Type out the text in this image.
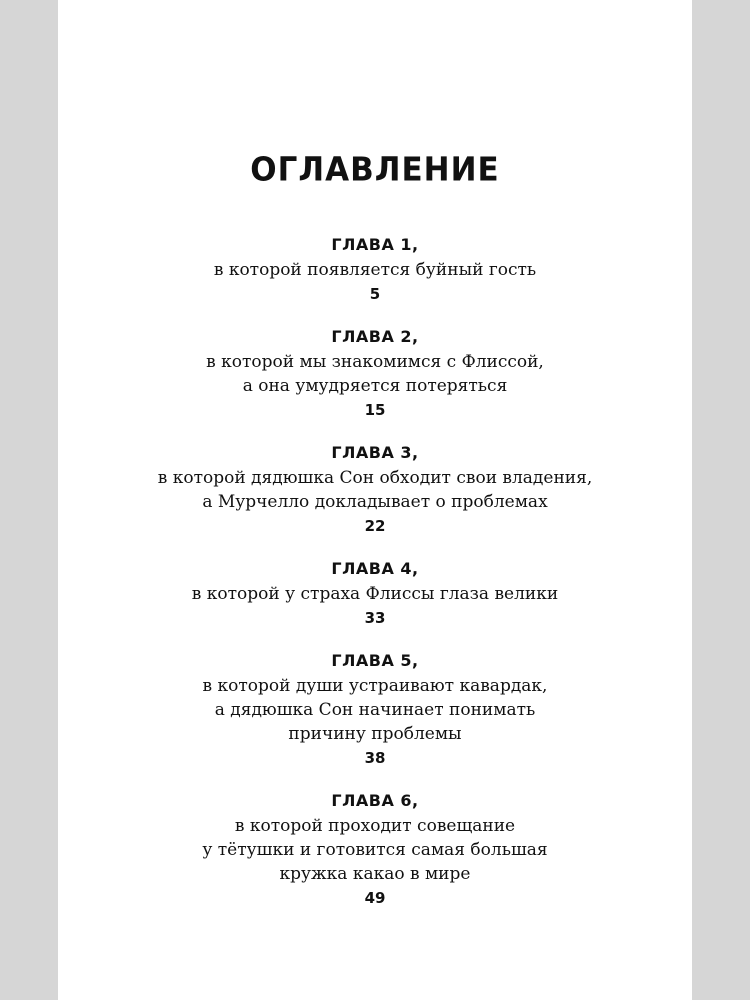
ОГЛАВЛЕНИЕ
ГЛАВА 1,
в которой появляется буйный гость
5
ГЛАВА 2,
в которой мы знакомимся с Флиссой,
а она умудряется потеряться
15
ГЛАВА 3,
в которой дядюшка Сон обходит свои владения,
а Мурчелло докладывает о проблемах
22
ГЛАВА 4,
в которой у страха Флиссы глаза велики
33
ГЛАВА 5,
в которой души устраивают кавардак,
а дядюшка Сон начинает понимать
причину проблемы
38
ГЛАВА 6,
в которой проходит совещание
у тётушки и готовится самая большая
кружка какао в мире
49
